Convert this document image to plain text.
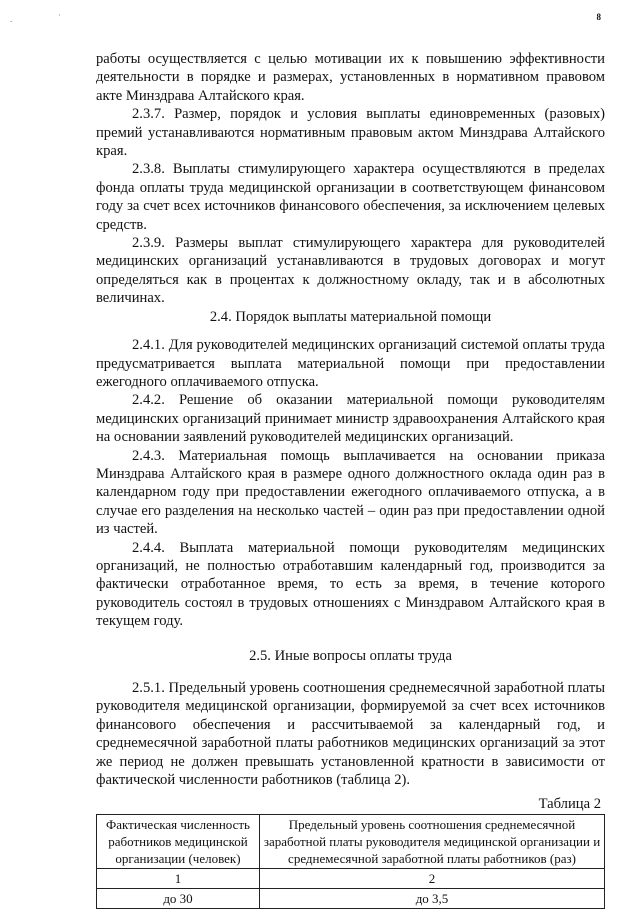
.	·	8

работы осуществляется с целью мотивации их к повышению эффективности деятельности в порядке и размерах, установленных в нормативном правовом акте Минздрава Алтайского края.

2.3.7. Размер, порядок и условия выплаты единовременных (разовых) премий устанавливаются нормативным правовым актом Минздрава Алтайского края.

2.3.8. Выплаты стимулирующего характера осуществляются в пределах фонда оплаты труда медицинской организации в соответствующем финансовом году за счет всех источников финансового обеспечения, за исключением целевых средств.

2.3.9. Размеры выплат стимулирующего характера для руководителей медицинских организаций устанавливаются в трудовых договорах и могут определяться как в процентах к должностному окладу, так и в абсолютных величинах.

2.4. Порядок выплаты материальной помощи

2.4.1. Для руководителей медицинских организаций системой оплаты труда предусматривается выплата материальной помощи при предоставлении ежегодного оплачиваемого отпуска.

2.4.2. Решение об оказании материальной помощи руководителям медицинских организаций принимает министр здравоохранения Алтайского края на основании заявлений руководителей медицинских организаций.

2.4.3. Материальная помощь выплачивается на основании приказа Минздрава Алтайского края в размере одного должностного оклада один раз в календарном году при предоставлении ежегодного оплачиваемого отпуска, а в случае его разделения на несколько частей – один раз при предоставлении одной из частей.

2.4.4. Выплата материальной помощи руководителям медицинских организаций, не полностью отработавшим календарный год, производится за фактически отработанное время, то есть за время, в течение которого руководитель состоял в трудовых отношениях с Минздравом Алтайского края в текущем году.

2.5. Иные вопросы оплаты труда

2.5.1. Предельный уровень соотношения среднемесячной заработной платы руководителя медицинской организации, формируемой за счет всех источников финансового обеспечения и рассчитываемой за календарный год, и среднемесячной заработной платы работников медицинских организаций за этот же период не должен превышать установленной кратности в зависимости от фактической численности работников (таблица 2).

Таблица 2
Фактическая численность работников медицинской организации (человек)	Предельный уровень соотношения среднемесячной заработной платы руководителя медицинской организации и среднемесячной заработной платы работников (раз)
1	2
до 30	до 3,5
